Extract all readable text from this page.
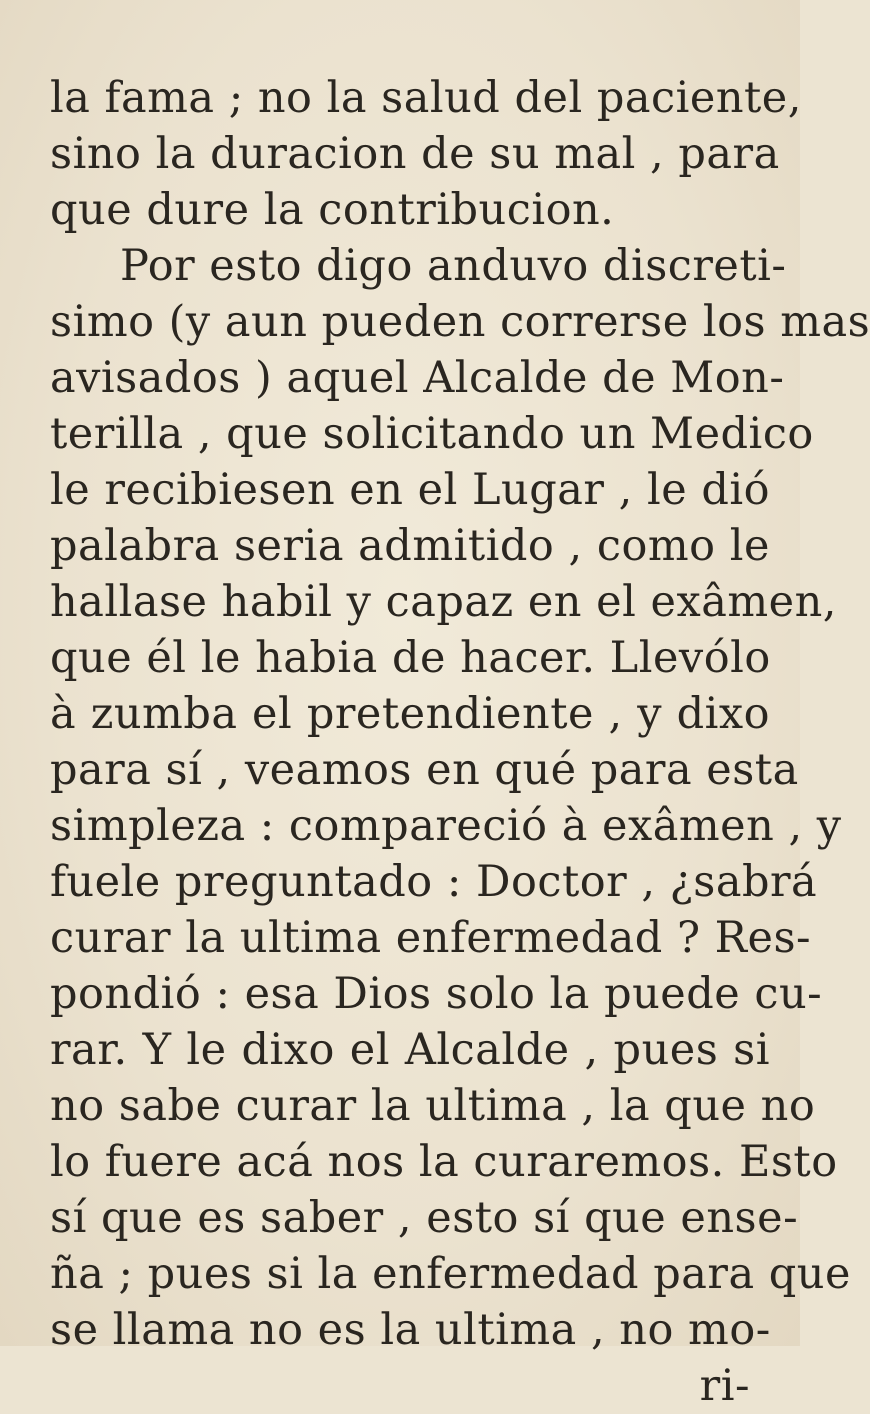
la fama ; no la salud del paciente,
sino la duracion de su mal , para
que dure la contribucion.
Por esto digo anduvo discreti-
simo (y aun pueden correrse los mas
avisados ) aquel Alcalde de Mon-
terilla , que solicitando un Medico
le recibiesen en el Lugar , le dió
palabra seria admitido , como le
hallase habil y capaz en el exâmen,
que él le habia de hacer. Llevólo
à zumba el pretendiente , y dixo
para sí , veamos en qué para esta
simpleza : compareció à exâmen , y
fuele preguntado : Doctor , ¿sabrá
curar la ultima enfermedad ? Res-
pondió : esa Dios solo la puede cu-
rar. Y le dixo el Alcalde , pues si
no sabe curar la ultima , la que no
lo fuere acá nos la curaremos. Esto
sí que es saber , esto sí que ense-
ña ; pues si la enfermedad para que
se llama no es la ultima , no mo-
ri-
